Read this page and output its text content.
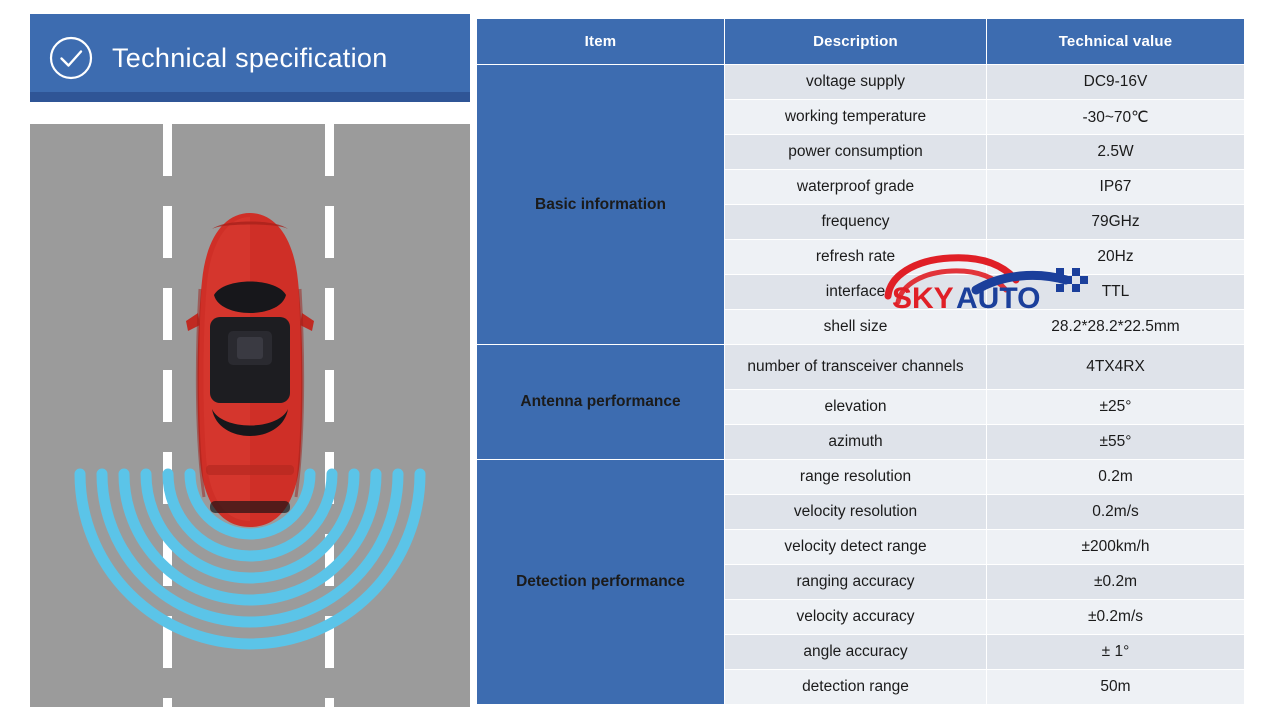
Technical specification
Item	Description	Technical value
Basic information	voltage supply	DC9-16V
	working temperature	-30~70℃
	power consumption	2.5W
	waterproof grade	IP67
	frequency	79GHz
	refresh rate	20Hz
	interface	TTL
	shell size	28.2*28.2*22.5mm
Antenna performance	number of transceiver channels	4TX4RX
	elevation	±25°
	azimuth	±55°
Detection performance	range resolution	0.2m
	velocity resolution	0.2m/s
	velocity detect range	±200km/h
	ranging accuracy	±0.2m
	velocity accuracy	±0.2m/s
	angle accuracy	± 1°
	detection range	50m
SKY AUTO
